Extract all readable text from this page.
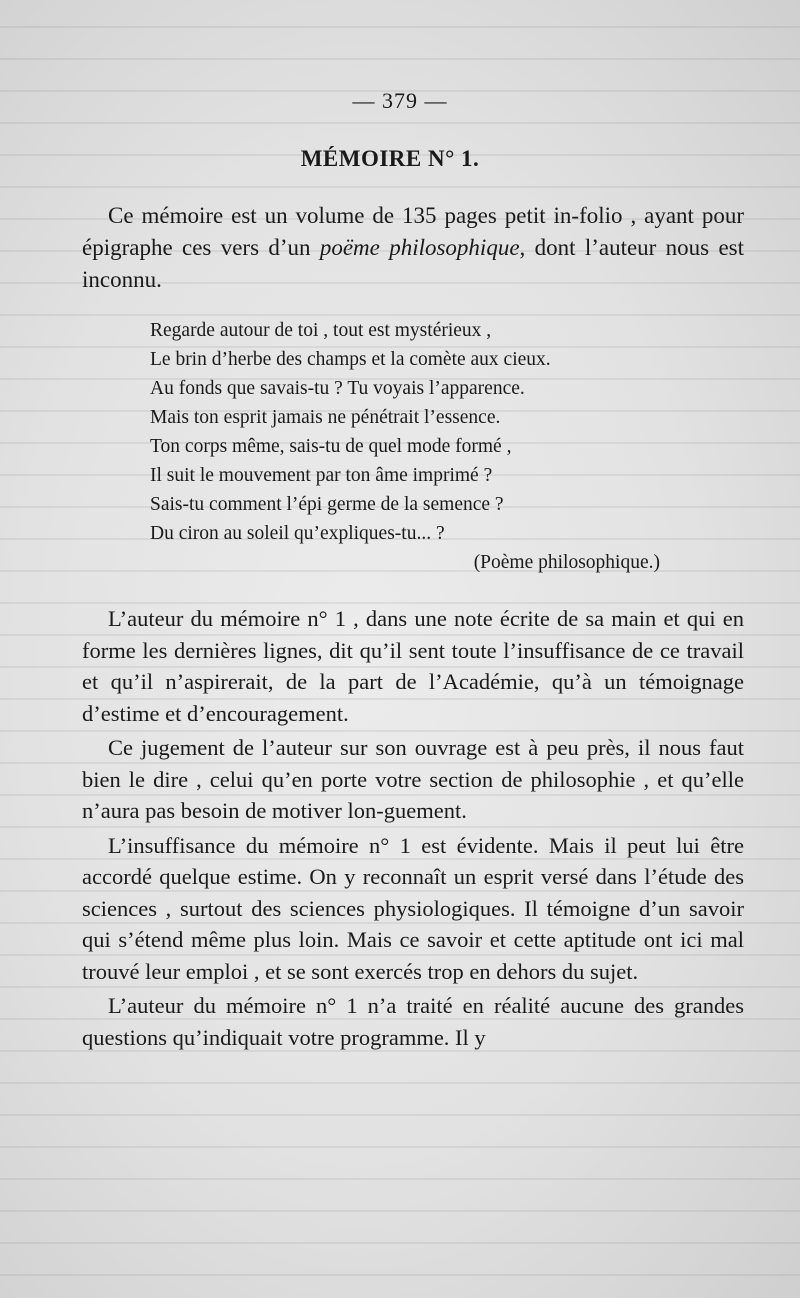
— 379 —
MÉMOIRE N° 1.

Ce mémoire est un volume de 135 pages petit in-folio , ayant pour épigraphe ces vers d’un poëme philosophique, dont l’auteur nous est inconnu.

Regarde autour de toi , tout est mystérieux ,
Le brin d’herbe des champs et la comète aux cieux.
Au fonds que savais-tu ? Tu voyais l’apparence.
Mais ton esprit jamais ne pénétrait l’essence.
Ton corps même, sais-tu de quel mode formé ,
Il suit le mouvement par ton âme imprimé ?
Sais-tu comment l’épi germe de la semence ?
Du ciron au soleil qu’expliques-tu... ?
(Poème philosophique.)

L’auteur du mémoire n° 1 , dans une note écrite de sa main et qui en forme les dernières lignes, dit qu’il sent toute l’insuffisance de ce travail et qu’il n’aspirerait, de la part de l’Académie, qu’à un témoignage d’estime et d’encouragement.

Ce jugement de l’auteur sur son ouvrage est à peu près, il nous faut bien le dire , celui qu’en porte votre section de philosophie , et qu’elle n’aura pas besoin de motiver lon-guement.

L’insuffisance du mémoire n° 1 est évidente. Mais il peut lui être accordé quelque estime. On y reconnaît un esprit versé dans l’étude des sciences , surtout des sciences physiologiques. Il témoigne d’un savoir qui s’étend même plus loin. Mais ce savoir et cette aptitude ont ici mal trouvé leur emploi , et se sont exercés trop en dehors du sujet.

L’auteur du mémoire n° 1 n’a traité en réalité aucune des grandes questions qu’indiquait votre programme. Il y
